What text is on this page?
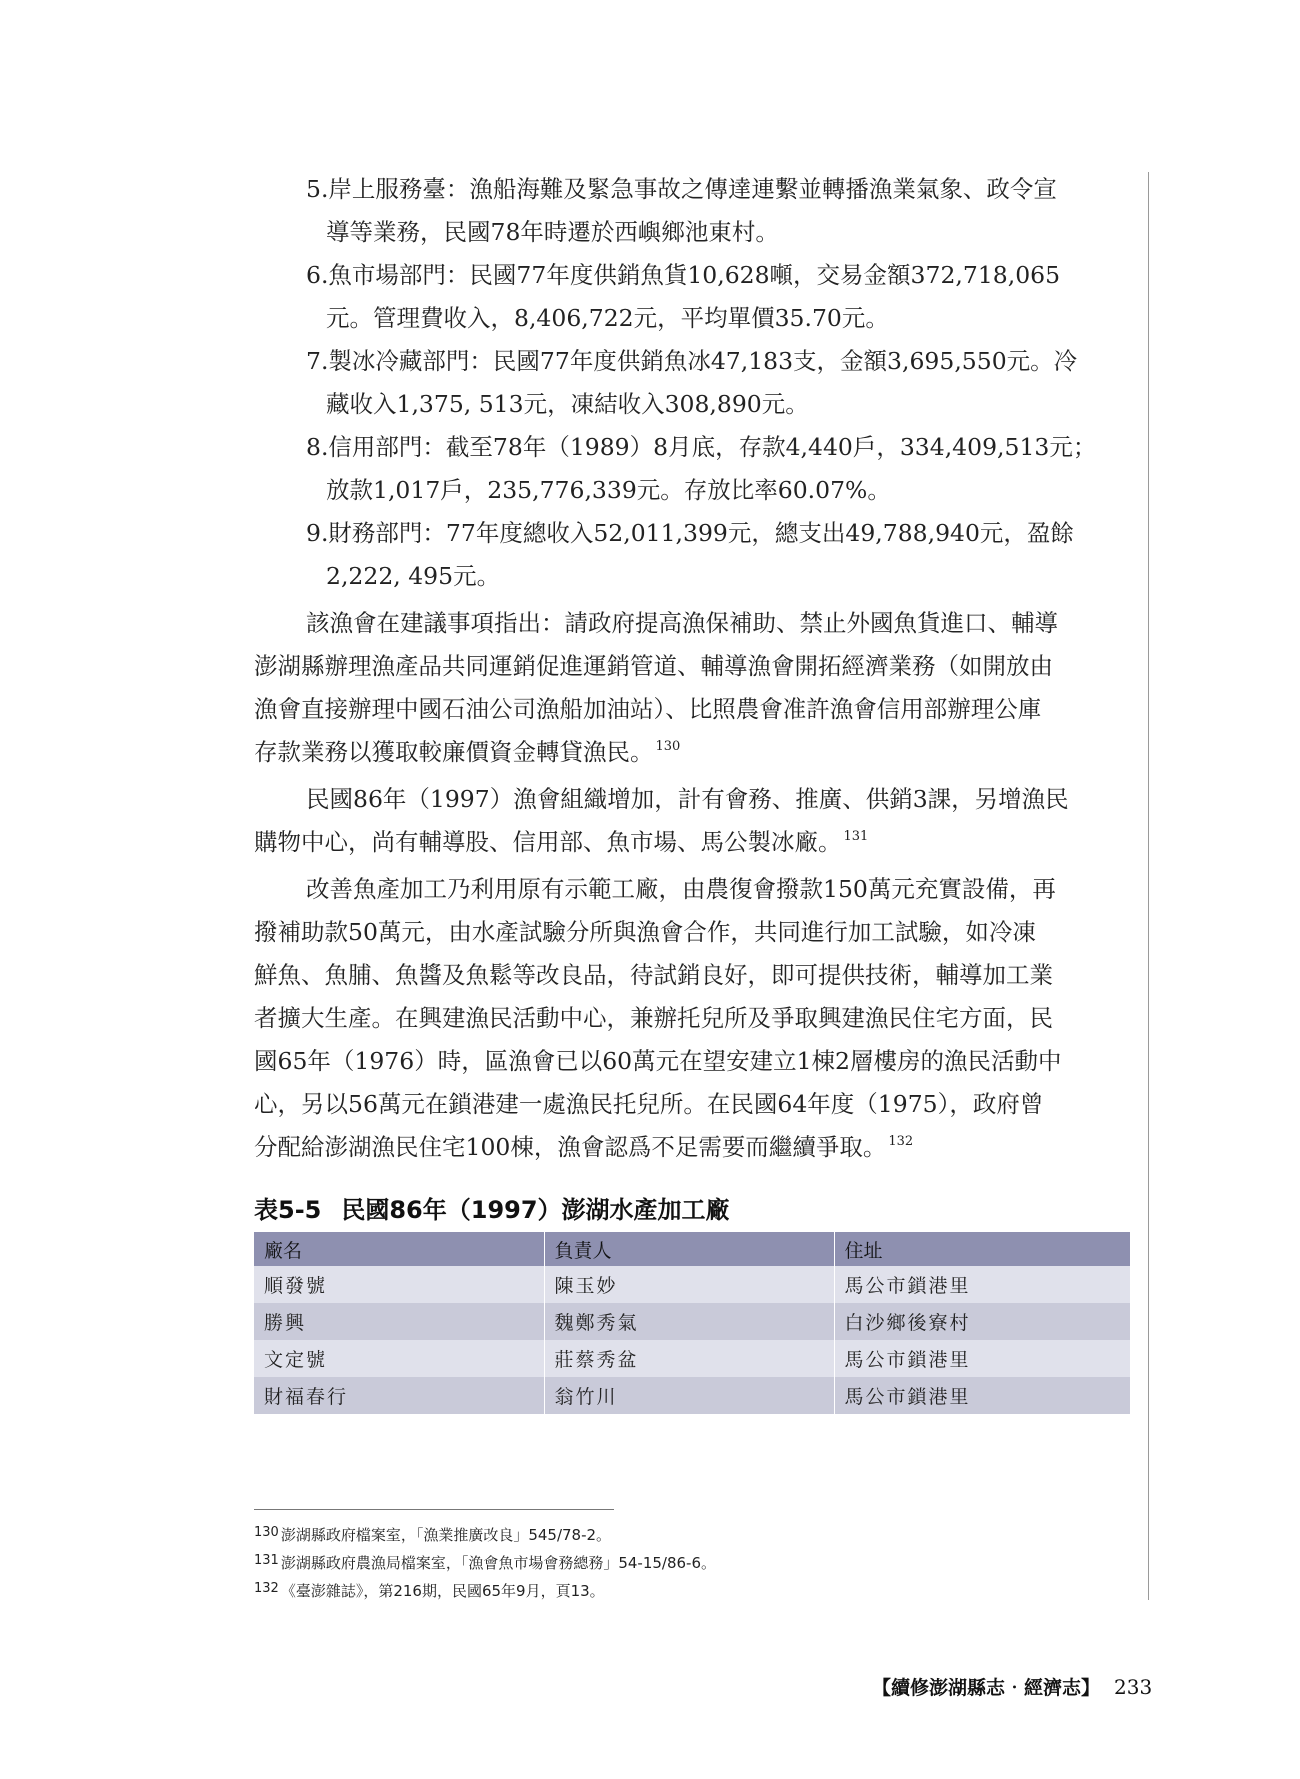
5.岸上服務臺：漁船海難及緊急事故之傳達連繫並轉播漁業氣象、政令宣
導等業務，民國78年時遷於西嶼鄉池東村。
6.魚市場部門：民國77年度供銷魚貨10,628噸，交易金額372,718,065
元。管理費收入，8,406,722元，平均單價35.70元。
7.製冰冷藏部門：民國77年度供銷魚冰47,183支，金額3,695,550元。冷
藏收入1,375, 513元，凍結收入308,890元。
8.信用部門：截至78年（1989）8月底，存款4,440戶，334,409,513元；
放款1,017戶，235,776,339元。存放比率60.07%。
9.財務部門：77年度總收入52,011,399元，總支出49,788,940元，盈餘
2,222, 495元。
該漁會在建議事項指出：請政府提高漁保補助、禁止外國魚貨進口、輔導
澎湖縣辦理漁產品共同運銷促進運銷管道、輔導漁會開拓經濟業務（如開放由
漁會直接辦理中國石油公司漁船加油站）、比照農會准許漁會信用部辦理公庫
存款業務以獲取較廉價資金轉貸漁民。 $^{130}$
民國86年（1997）漁會組織增加，計有會務、推廣、供銷3課，另增漁民
購物中心，尚有輔導股、信用部、魚市場、馬公製冰廠。 $^{131}$
改善魚產加工乃利用原有示範工廠，由農復會撥款150萬元充實設備，再
撥補助款50萬元，由水產試驗分所與漁會合作，共同進行加工試驗，如冷凍
鮮魚、魚脯、魚醬及魚鬆等改良品，待試銷良好，即可提供技術，輔導加工業
者擴大生產。在興建漁民活動中心，兼辦托兒所及爭取興建漁民住宅方面，民
國65年（1976）時，區漁會已以60萬元在望安建立1棟2層樓房的漁民活動中
心，另以56萬元在鎖港建一處漁民托兒所。在民國64年度（1975），政府曾
分配給澎湖漁民住宅100棟，漁會認爲不足需要而繼續爭取。 $^{132}$
表5-5 民國86年（1997）澎湖水產加工廠
廠名	負責人	住址
順發號	陳玉妙	馬公市鎖港里
勝興	魏鄭秀氣	白沙鄉後寮村
文定號	莊蔡秀盆	馬公市鎖港里
財福春行	翁竹川	馬公市鎖港里
130 澎湖縣政府檔案室，「漁業推廣改良」545/78-2。
131 澎湖縣政府農漁局檔案室，「漁會魚市場會務總務」54-15/86-6。
132 《臺澎雜誌》，第216期，民國65年9月，頁13。
【續修澎湖縣志‧經濟志】 233
